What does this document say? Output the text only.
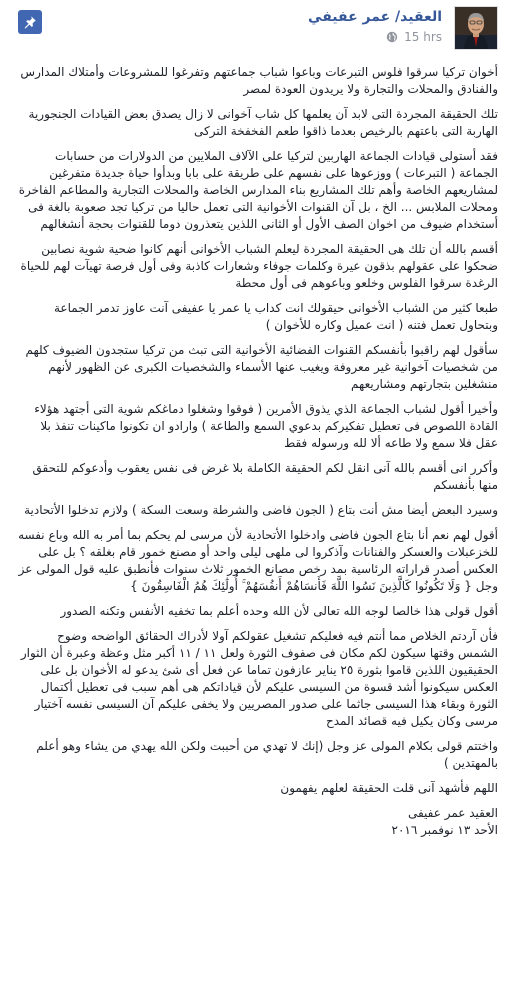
العقيد/ عمر عفيفي
15 hrs

أخوان تركيا سرقوا فلوس التبرعات وباعوا شباب جماعتهم وتفرغوا للمشروعات وأمتلاك المدارس والفنادق والمحلات والتجارة ولا يريدون العودة لمصر

تلك الحقيقة المجردة التى لابد آن يعلمها كل شاب آخوانى لا زال يصدق بعض القيادات الجنجورية الهاربة التى باعتهم بالرخيص بعدما ذاقوا طعم الفخفخة التركى

فقد أستولى قيادات الجماعة الهاربين لتركيا على الآلاف الملايين من الدولارات من حسابات الجماعة ( التبرعات ) ووزعوها على نفسهم على طريقة على بابا وبدأوا حياة جديدة متفرغين لمشاريعهم الخاصة وأهم تلك المشاريع بناء المدارس الخاصة والمحلات التجارية والمطاعم الفاخرة ومحلات الملابس ... الخ ، بل آن القنوات الأخوانية التى تعمل حاليا من تركيا تجد صعوبة بالغة فى أستخدام ضيوف من اخوان الصف الأول أو الثانى اللذين يتعذرون دوما للقنوات بحجة أنشغالهم

أقسم بالله أن تلك هى الحقيقة المجردة ليعلم الشباب الأخوانى أنهم كانوا ضحية شوية نصابين ضحكوا على عقولهم بذقون عيرة وكلمات جوفاء وشعارات كاذبة وفى أول فرصة تهيآت لهم للحياة الرغدة سرقوا الفلوس وخلعو وباعوهم فى أول محطة

طبعا كثير من الشباب الأخوانى حيقولك انت كداب يا عمر يا عفيفى آنت عاوز تدمر الجماعة وبتحاول تعمل فتنه ( انت عميل وكاره للأخوان )

سأقول لهم راقبوا بأنفسكم القنوات الفضائية الأخوانية التى تبث من تركيا ستجدون الضيوف كلهم من شخصيات آخوانية غير معروفة ويغيب عنها الأسماء والشخصيات الكبرى عن الظهور لأنهم منشغلين بتجارتهم ومشاريعهم

وأخيرا أقول لشباب الجماعة الذي يذوق الأمرين ( فوقوا وشغلوا دماغكم شوية التى أجتهد هؤلاء القادة اللصوص فى تعطيل تفكيركم بدعوي السمع والطاعة ) وارادو ان تكونوا ماكينات تنفذ بلا عقل فلا سمع ولا طاعه ألا لله ورسوله فقط

وأكرر انى أقسم بالله آنى انقل لكم الحقيقة الكاملة بلا غرض فى نفس يعقوب وأدعوكم للتحقق منها بأنفسكم

وسيرد البعض أيضا مش أنت بتاع ( الجون فاضى والشرطة وسعت السكة ) ولازم تدخلوا الأتحادية

أقول لهم نعم أنا بتاع الجون فاضى وادخلوا الأتحادية لأن مرسى لم يحكم بما أمر به الله وباع نفسه للخزعبلات والعسكر والفنانات وآذكروا لى ملهى ليلى واحد أو مصنع خمور قام بغلقه ؟ بل على العكس أصدر قراراته الرئاسية بمد رخص مصانع الخمور ثلاث سنوات فأنطبق عليه قول المولى عز وجل { وَلَا تَكُونُوا كَالَّذِينَ نَسُوا اللَّهَ فَأَنسَاهُمْ أَنفُسَهُمْ ۚ أُولَٰئِكَ هُمُ الْفَاسِقُونَ }

أقول قولى هذا خالصا لوجه الله تعالى لأن الله وحده أعلم بما تخفيه الأنفس وتكنه الصدور

فأن آردتم الخلاص مما أنتم فيه فعليكم تشغيل عقولكم آولا لأدراك الحقائق الواضحه وضوح الشمس وقتها سيكون لكم مكان فى صفوف الثورة ولعل ١١ / ١١ أكبر مثل وعظة وعبرة أن الثوار الحقيقيون اللذين قاموا بثورة ٢٥ يناير عازفون تماما عن فعل أى شئ يدعو له الأخوان بل على العكس سيكونوا أشد قسوة من السيسى عليكم لأن قياداتكم هى أهم سبب فى تعطيل أكتمال الثورة وبقاء هذا السيسى جاثما على صدور المصريين ولا يخفى عليكم آن السيسى نفسه آختيار مرسى وكان يكيل فيه قصائد المدح

واختتم قولى بكلام المولى عز وجل (إنك لا تهدي من أحببت ولكن الله يهدي من يشاء وهو أعلم بالمهتدين )

اللهم فأشهد آنى قلت الحقيقة لعلهم يفهمون

العقيد عمر عفيفى
الأحد ١٣ نوفمبر ٢٠١٦
